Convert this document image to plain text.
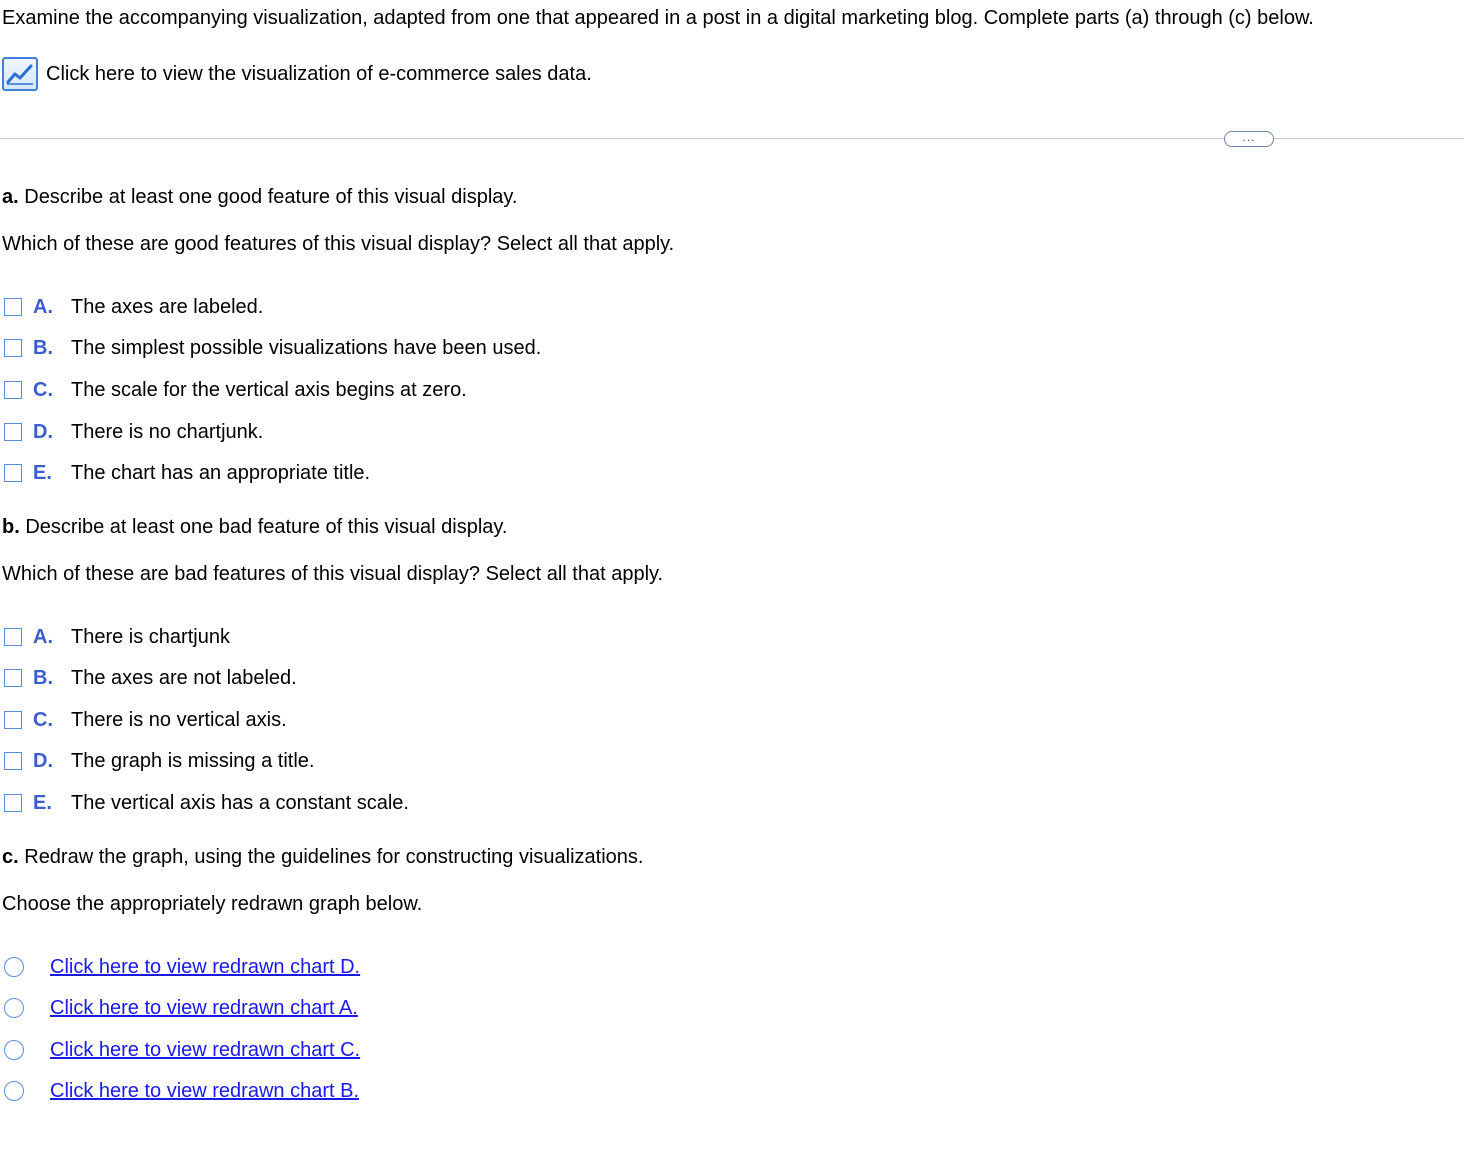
Examine the accompanying visualization, adapted from one that appeared in a post in a digital marketing blog. Complete parts (a) through (c) below.
Click here to view the visualization of e-commerce sales data.
...
a. Describe at least one good feature of this visual display.
Which of these are good features of this visual display? Select all that apply.
A. The axes are labeled.
B. The simplest possible visualizations have been used.
C. The scale for the vertical axis begins at zero.
D. There is no chartjunk.
E. The chart has an appropriate title.
b. Describe at least one bad feature of this visual display.
Which of these are bad features of this visual display? Select all that apply.
A. There is chartjunk
B. The axes are not labeled.
C. There is no vertical axis.
D. The graph is missing a title.
E. The vertical axis has a constant scale.
c. Redraw the graph, using the guidelines for constructing visualizations.
Choose the appropriately redrawn graph below.
Click here to view redrawn chart D.
Click here to view redrawn chart A.
Click here to view redrawn chart C.
Click here to view redrawn chart B.
